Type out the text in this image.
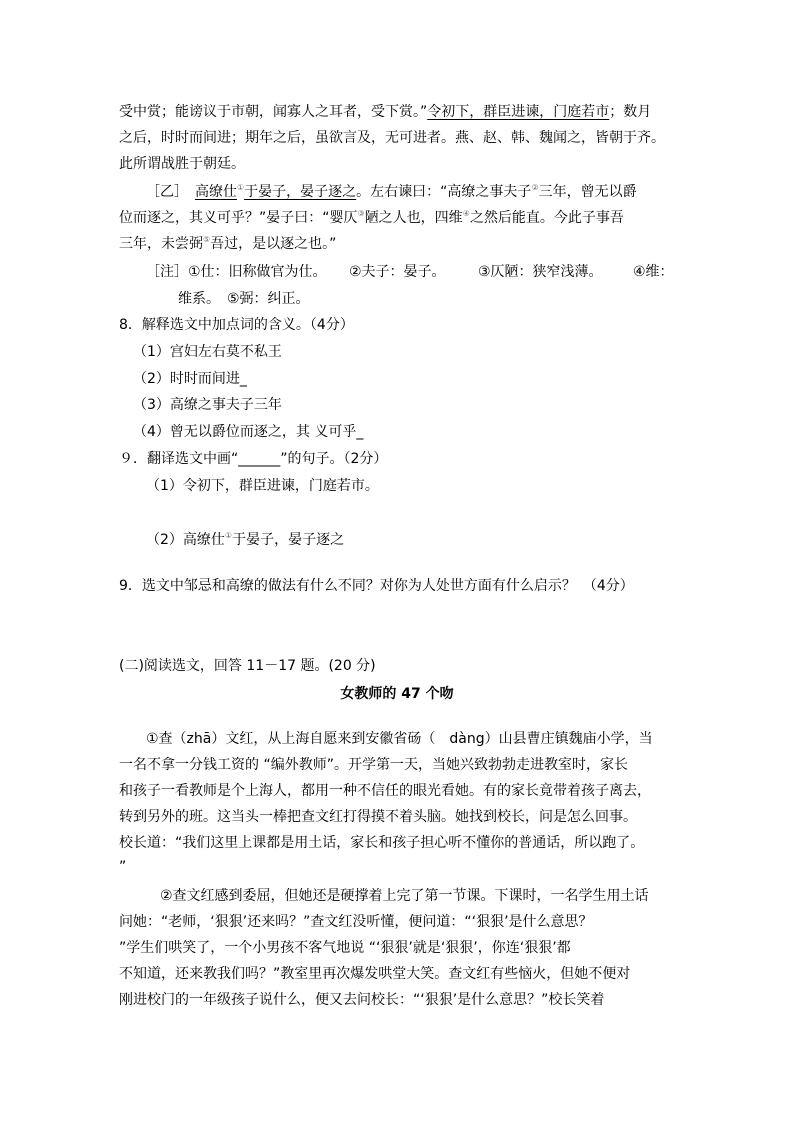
受中赏；能谤议于市朝，闻寡人之耳者，受下赏。”令初下，群臣进谏，门庭若市；数月
之后，时时而间进；期年之后，虽欲言及，无可进者。燕、赵、韩、魏闻之，皆朝于齐。
此所谓战胜于朝廷。
［乙］　 高缭仕①于晏子，晏子逐之。左右谏曰：“高缭之事夫子②三年，曾无以爵
位而逐之，其义可乎？”晏子曰：“婴仄③陋之人也，四维④之然后能直。今此子事吾
三年，未尝弼⑤吾过，是以逐之也。”
［注］①仕：旧称做官为仕。 ②夫子：晏子。 ③仄陋：狭窄浅薄。 ④维：
维系。　⑤弼：纠正。
8．解释选文中加点词的含义。（4分）
（1）宫妇左右莫不私王
（2）时时而间进_
（3）高缭之事夫子三年
（4）曾无以爵位而逐之，其 义可乎_
９．翻译选文中画“______”的句子。（2分）
（1）令初下，群臣进谏，门庭若市。
（2）高缭仕①于晏子，晏子逐之
9．选文中邹忌和高缭的做法有什么不同？对你为人处世方面有什么启示？　（4分）
(二)阅读选文，回答 11－17 题。(20 分)
女教师的 47 个吻
①查（zhā）文红，从上海自愿来到安徽省砀（　dàng）山县曹庄镇魏庙小学，当
一名不拿一分钱工资的 “编外教师”。开学第一天，当她兴致勃勃走进教室时，家长
和孩子一看教师是个上海人，都用一种不信任的眼光看她。有的家长竟带着孩子离去，
转到另外的班。这当头一棒把查文红打得摸不着头脑。她找到校长，问是怎么回事。
校长道：“我们这里上课都是用土话，家长和孩子担心听不懂你的普通话，所以跑了。
”
②查文红感到委屈，但她还是硬撑着上完了第一节课。下课时，一名学生用土话
问她：“老师，‘狠狠’还来吗？”查文红没听懂，便问道：“‘狠狠’是什么意思？
”学生们哄笑了，一个小男孩不客气地说 “‘狠狠’就是‘狠狠’，你连‘狠狠’都
不知道，还来教我们吗？”教室里再次爆发哄堂大笑。查文红有些恼火，但她不便对
刚进校门的一年级孩子说什么，便又去问校长：“‘狠狠’是什么意思？”校长笑着
